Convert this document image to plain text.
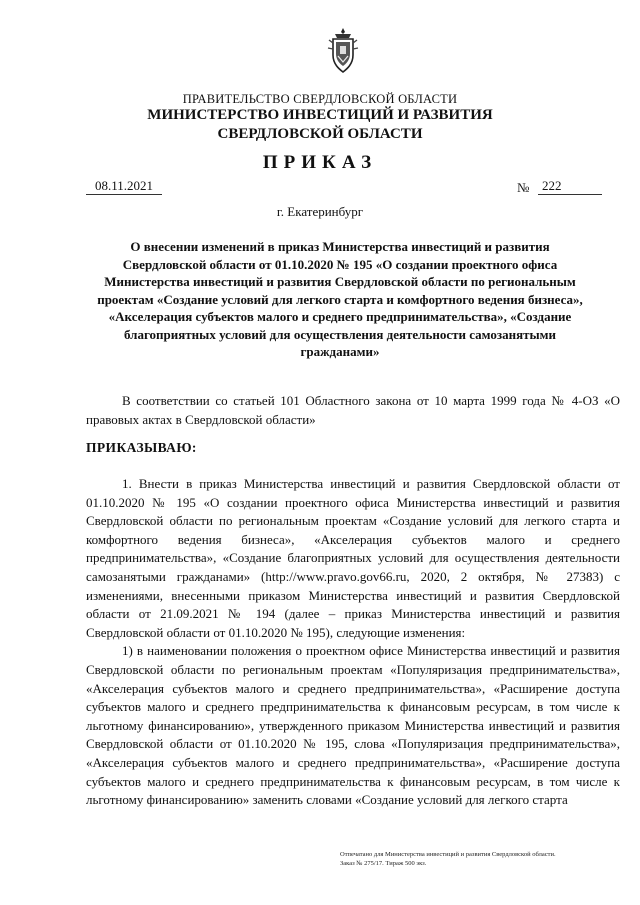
ПРАВИТЕЛЬСТВО СВЕРДЛОВСКОЙ ОБЛАСТИ
МИНИСТЕРСТВО ИНВЕСТИЦИЙ И РАЗВИТИЯ
СВЕРДЛОВСКОЙ ОБЛАСТИ
ПРИКАЗ
08.11.2021	№ 222
г. Екатеринбург
О внесении изменений в приказ Министерства инвестиций и развития Свердловской области от 01.10.2020 № 195 «О создании проектного офиса Министерства инвестиций и развития Свердловской области по региональным проектам «Создание условий для легкого старта и комфортного ведения бизнеса», «Акселерация субъектов малого и среднего предпринимательства», «Создание благоприятных условий для осуществления деятельности самозанятыми гражданами»
В соответствии со статьей 101 Областного закона от 10 марта 1999 года № 4-ОЗ «О правовых актах в Свердловской области»
ПРИКАЗЫВАЮ:

1. Внести в приказ Министерства инвестиций и развития Свердловской области от 01.10.2020 № 195 «О создании проектного офиса Министерства инвестиций и развития Свердловской области по региональным проектам «Создание условий для легкого старта и комфортного ведения бизнеса», «Акселерация субъектов малого и среднего предпринимательства», «Создание благоприятных условий для осуществления деятельности самозанятыми гражданами» (http://www.pravo.gov66.ru, 2020, 2 октября, № 27383) с изменениями, внесенными приказом Министерства инвестиций и развития Свердловской области от 21.09.2021 № 194 (далее – приказ Министерства инвестиций и развития Свердловской области от 01.10.2020 № 195), следующие изменения:

1) в наименовании положения о проектном офисе Министерства инвестиций и развития Свердловской области по региональным проектам «Популяризация предпринимательства», «Акселерация субъектов малого и среднего предпринимательства», «Расширение доступа субъектов малого и среднего предпринимательства к финансовым ресурсам, в том числе к льготному финансированию», утвержденного приказом Министерства инвестиций и развития Свердловской области от 01.10.2020 № 195, слова «Популяризация предпринимательства», «Акселерация субъектов малого и среднего предпринимательства», «Расширение доступа субъектов малого и среднего предпринимательства к финансовым ресурсам, в том числе к льготному финансированию» заменить словами «Создание условий для легкого старта

Отпечатано для Министерства инвестиций и развития Свердловской области.
Заказ № 275/17. Тираж 500 экз.
